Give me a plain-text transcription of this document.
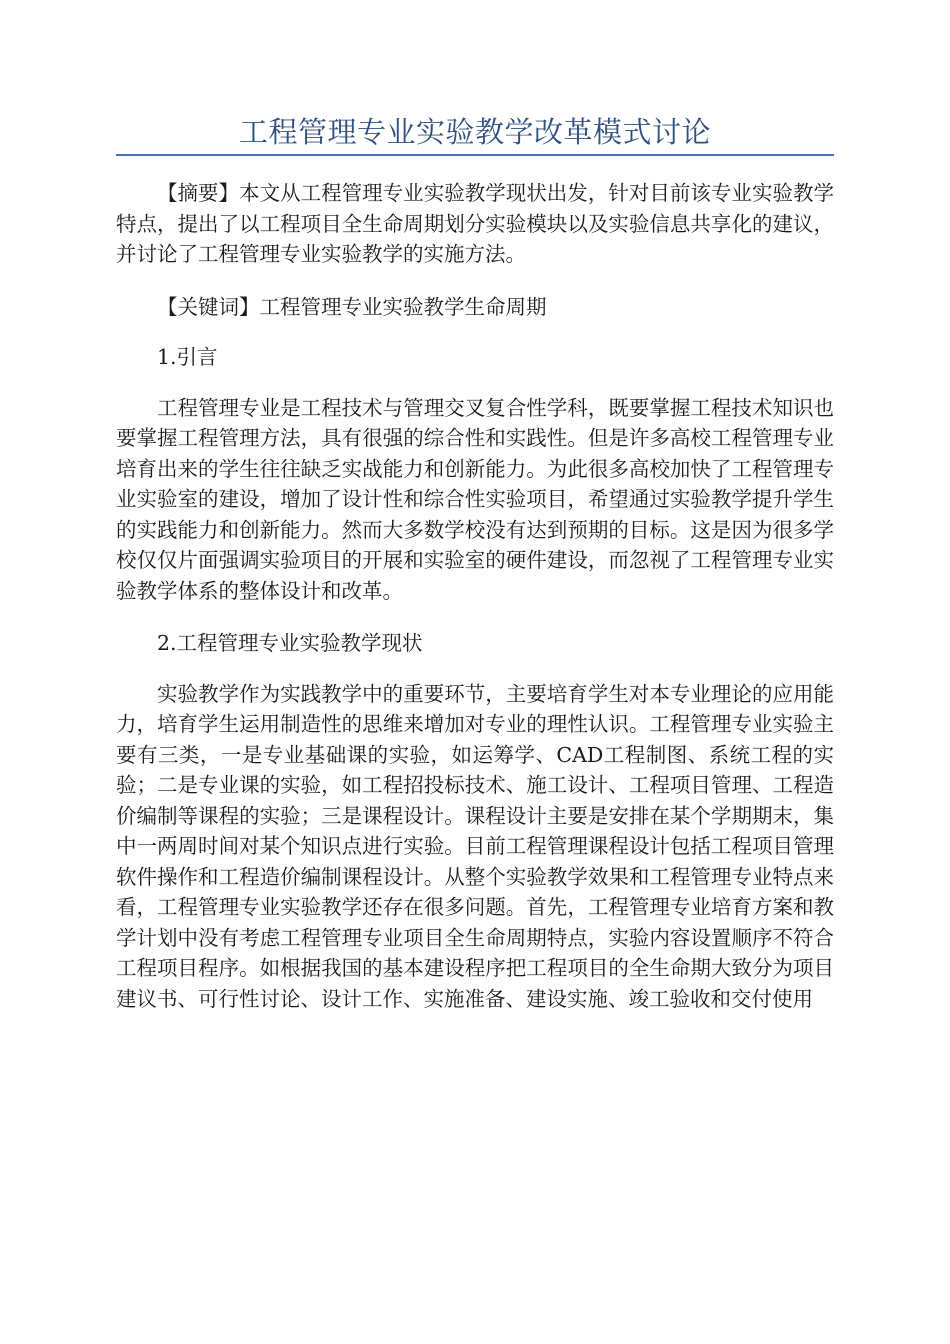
工程管理专业实验教学改革模式讨论

【摘要】本文从工程管理专业实验教学现状出发，针对目前该专业实验教学特点，提出了以工程项目全生命周期划分实验模块以及实验信息共享化的建议，并讨论了工程管理专业实验教学的实施方法。

【关键词】工程管理专业实验教学生命周期

1.引言

工程管理专业是工程技术与管理交叉复合性学科，既要掌握工程技术知识也要掌握工程管理方法，具有很强的综合性和实践性。但是许多高校工程管理专业培育出来的学生往往缺乏实战能力和创新能力。为此很多高校加快了工程管理专业实验室的建设，增加了设计性和综合性实验项目，希望通过实验教学提升学生的实践能力和创新能力。然而大多数学校没有达到预期的目标。这是因为很多学校仅仅片面强调实验项目的开展和实验室的硬件建设，而忽视了工程管理专业实验教学体系的整体设计和改革。

2.工程管理专业实验教学现状

实验教学作为实践教学中的重要环节，主要培育学生对本专业理论的应用能力，培育学生运用制造性的思维来增加对专业的理性认识。工程管理专业实验主要有三类，一是专业基础课的实验，如运筹学、CAD工程制图、系统工程的实验；二是专业课的实验，如工程招投标技术、施工设计、工程项目管理、工程造价编制等课程的实验；三是课程设计。课程设计主要是安排在某个学期期末，集中一两周时间对某个知识点进行实验。目前工程管理课程设计包括工程项目管理软件操作和工程造价编制课程设计。从整个实验教学效果和工程管理专业特点来看，工程管理专业实验教学还存在很多问题。首先，工程管理专业培育方案和教学计划中没有考虑工程管理专业项目全生命周期特点，实验内容设置顺序不符合工程项目程序。如根据我国的基本建设程序把工程项目的全生命期大致分为项目建议书、可行性讨论、设计工作、实施准备、建设实施、竣工验收和交付使用
